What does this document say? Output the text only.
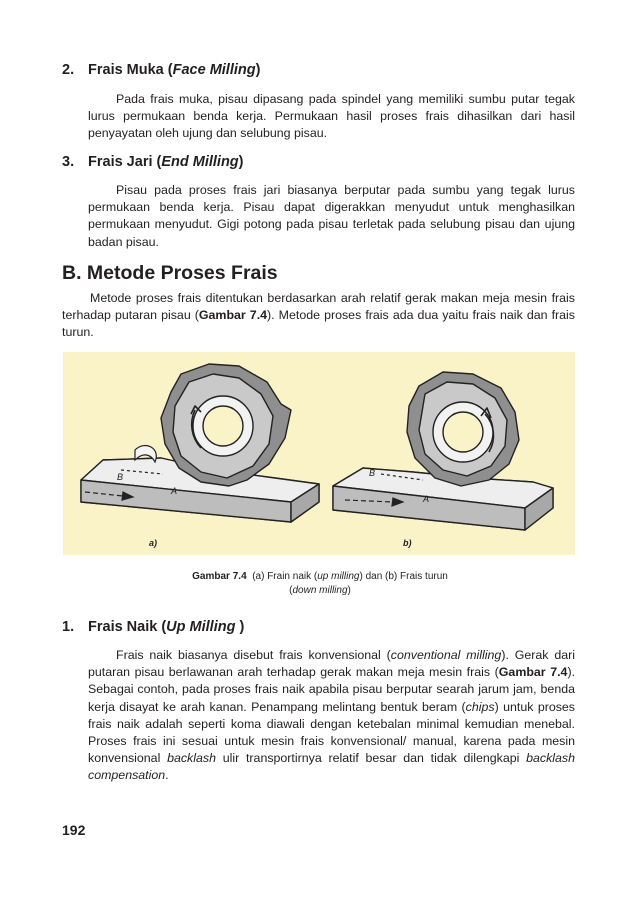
2. Frais Muka (Face Milling)

Pada frais muka, pisau dipasang pada spindel yang memiliki sumbu putar tegak lurus permukaan benda kerja. Permukaan hasil proses frais dihasilkan dari hasil penyayatan oleh ujung dan selubung pisau.

3. Frais Jari (End Milling)

Pisau pada proses frais jari biasanya berputar pada sumbu yang tegak lurus permukaan benda kerja. Pisau dapat digerakkan menyudut untuk menghasilkan permukaan menyudut. Gigi potong pada pisau terletak pada selubung pisau dan ujung badan pisau.

B. Metode Proses Frais

Metode proses frais ditentukan berdasarkan arah relatif gerak makan meja mesin frais terhadap putaran pisau (Gambar 7.4). Metode proses frais ada dua yaitu frais naik dan frais turun.

B
A
a)
B
A
b)
Gambar 7.4 (a) Frain naik (up milling) dan (b) Frais turun
(down milling)
1. Frais Naik (Up Milling )

Frais naik biasanya disebut frais konvensional (conventional milling). Gerak dari putaran pisau berlawanan arah terhadap gerak makan meja mesin frais (Gambar 7.4). Sebagai contoh, pada proses frais naik apabila pisau berputar searah jarum jam, benda kerja disayat ke arah kanan. Penampang melintang bentuk beram (chips) untuk proses frais naik adalah seperti koma diawali dengan ketebalan minimal kemudian menebal. Proses frais ini sesuai untuk mesin frais konvensional/ manual, karena pada mesin konvensional backlash ulir transportirnya relatif besar dan tidak dilengkapi backlash compensation.

192
